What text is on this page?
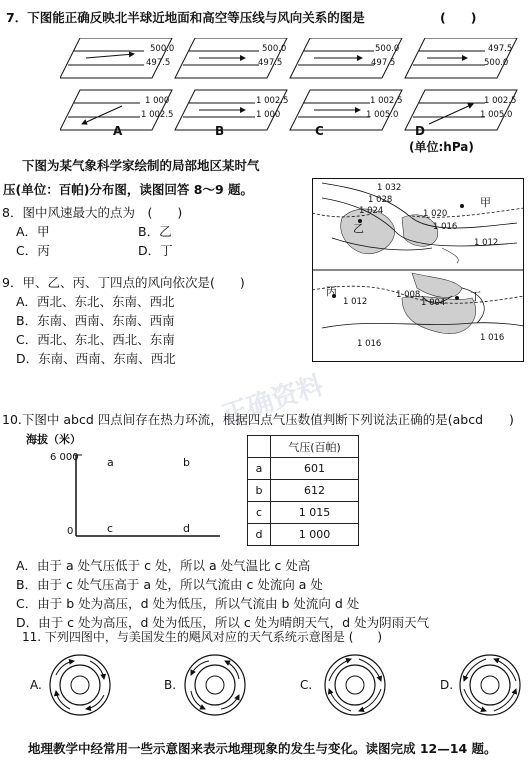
7．下图能正确反映北半球近地面和高空等压线与风向关系的图是	(　　)
500.0
497.5
1 000
1 002.5
500.0
497.5
1 002.5
1 000
500.0
497.5
1 002.5
1 005.0
497.5
500.0
1 002.5
1 005.0
A	B	C	D
(单位:hPa)
下图为某气象科学家绘制的局部地区某时气
压(单位：百帕)分布图，读图回答 8～9 题。
8．图中风速最大的点为　(　　)
A．甲	B．乙
C．丙	D．丁
9．甲、乙、丙、丁四点的风向依次是(　　)
A．西北、东北、东南、西北
B．东南、西南、东南、西南
C．西北、东北、西北、东南
D．东南、西南、东南、西北
1 032
1 028
1 024	1 020
1 016
1 012
1 012
1 008
1 004
1 016
1 016
甲
乙
丙	丁
正确资料
10.下图中 abcd 四点间存在热力环流，根据四点气压数值判断下列说法正确的是(abcd )
海拔（米）
6 000
0
a	b
c	d
	气压(百帕)
a	601
b	612
c	1 015
d	1 000
A．由于 a 处气压低于 c 处，所以 a 处气温比 c 处高
B．由于 c 处气压高于 a 处，所以气流由 c 处流向 a 处
C．由于 b 处为高压，d 处为低压，所以气流由 b 处流向 d 处
D．由于 c 处为高压，d 处为低压，所以 c 处为晴朗天气，d 处为阴雨天气
11. 下列四图中，与美国发生的飓风对应的天气系统示意图是 (　　)
A.	B.	C.	D.
地理教学中经常用一些示意图来表示地理现象的发生与变化。读图完成 12—14 题。
